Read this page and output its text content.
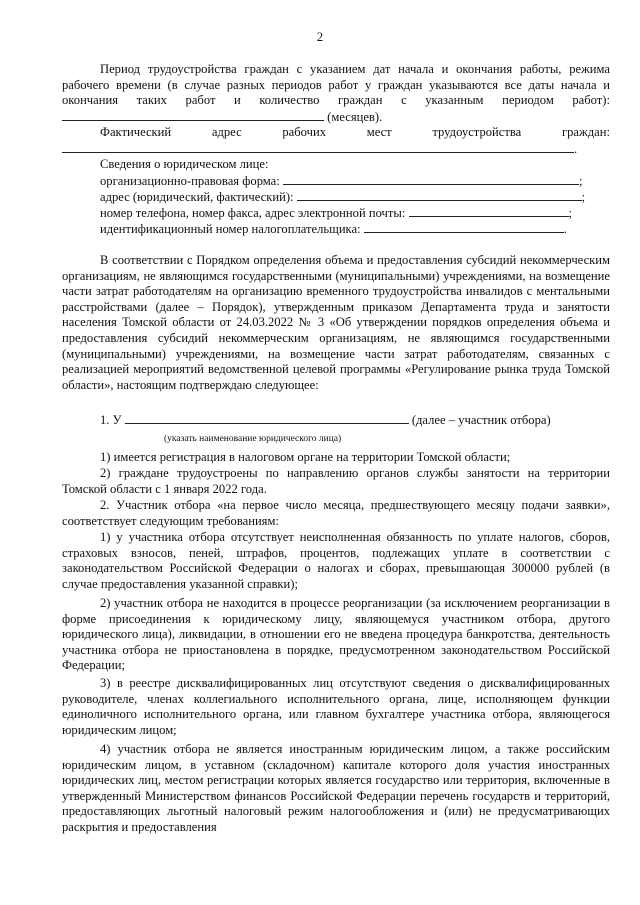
2
Период трудоустройства граждан с указанием дат начала и окончания работы, режима рабочего времени (в случае разных периодов работ у граждан указываются все даты начала и окончания таких работ и количество граждан с указанным периодом работ):  (месяцев).
Фактический	адрес	рабочих	мест	трудоустройства	граждан:
.
Сведения о юридическом лице:
организационно-правовая форма:	;
адрес (юридический, фактический):	;
номер телефона, номер факса, адрес электронной почты:	;
идентификационный номер налогоплательщика:	.
В соответствии с Порядком определения объема и предоставления субсидий некоммерческим организациям, не являющимся государственными (муниципальными) учреждениями, на возмещение части затрат работодателям на организацию временного трудоустройства инвалидов с ментальными расстройствами (далее – Порядок), утвержденным приказом Департамента труда и занятости населения Томской области от 24.03.2022 № 3 «Об утверждении порядков определения объема и предоставления субсидий некоммерческим организациям, не являющимся государственными (муниципальными) учреждениями, на возмещение части затрат работодателям, связанных с реализацией мероприятий ведомственной целевой программы «Регулирование рынка труда Томской области», настоящим подтверждаю следующее:
1. У	(далее – участник отбора)
(указать наименование юридического лица)
1) имеется регистрация в налоговом органе на территории Томской области;
2) граждане трудоустроены по направлению органов службы занятости на территории Томской области с 1 января 2022 года.
2. Участник отбора «на первое число месяца, предшествующего месяцу подачи заявки», соответствует следующим требованиям:
1) у участника отбора отсутствует неисполненная обязанность по уплате налогов, сборов, страховых взносов, пеней, штрафов, процентов, подлежащих уплате в соответствии с законодательством Российской Федерации о налогах и сборах, превышающая 300000 рублей (в случае предоставления указанной справки);
2) участник отбора не находится в процессе реорганизации (за исключением реорганизации в форме присоединения к юридическому лицу, являющемуся участником отбора, другого юридического лица), ликвидации, в отношении его не введена процедура банкротства, деятельность участника отбора не приостановлена в порядке, предусмотренном законодательством Российской Федерации;
3) в реестре дисквалифицированных лиц отсутствуют сведения о дисквалифицированных руководителе, членах коллегиального исполнительного органа, лице, исполняющем функции единоличного исполнительного органа, или главном бухгалтере участника отбора, являющегося юридическим лицом;
4) участник отбора не является иностранным юридическим лицом, а также российским юридическим лицом, в уставном (складочном) капитале которого доля участия иностранных юридических лиц, местом регистрации которых является государство или территория, включенные в утвержденный Министерством финансов Российской Федерации перечень государств и территорий, предоставляющих льготный налоговый режим налогообложения и (или) не предусматривающих раскрытия и предоставления
